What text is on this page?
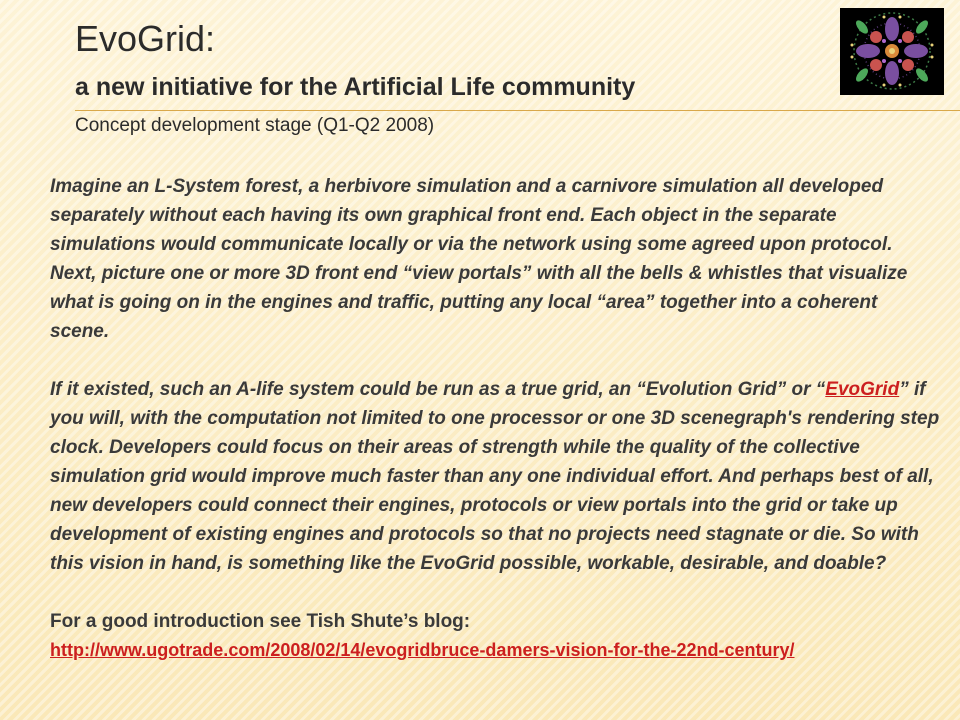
EvoGrid:
a new initiative for the Artificial Life community
Concept development stage (Q1-Q2 2008)

Imagine an L-System forest, a herbivore simulation and a carnivore simulation all developed separately without each having its own graphical front end. Each object in the separate simulations would communicate locally or via the network using some agreed upon protocol. Next, picture one or more 3D front end “view portals” with all the bells & whistles that visualize what is going on in the engines and traffic, putting any local “area” together into a coherent scene.

If it existed, such an A-life system could be run as a true grid, an “Evolution Grid” or “EvoGrid” if you will, with the computation not limited to one processor or one 3D scenegraph's rendering step clock. Developers could focus on their areas of strength while the quality of the collective simulation grid would improve much faster than any one individual effort. And perhaps best of all, new developers could connect their engines, protocols or view portals into the grid or take up development of existing engines and protocols so that no projects need stagnate or die. So with this vision in hand, is something like the EvoGrid possible, workable, desirable, and doable?

For a good introduction see Tish Shute’s blog:

http://www.ugotrade.com/2008/02/14/evogridbruce-damers-vision-for-the-22nd-century/
